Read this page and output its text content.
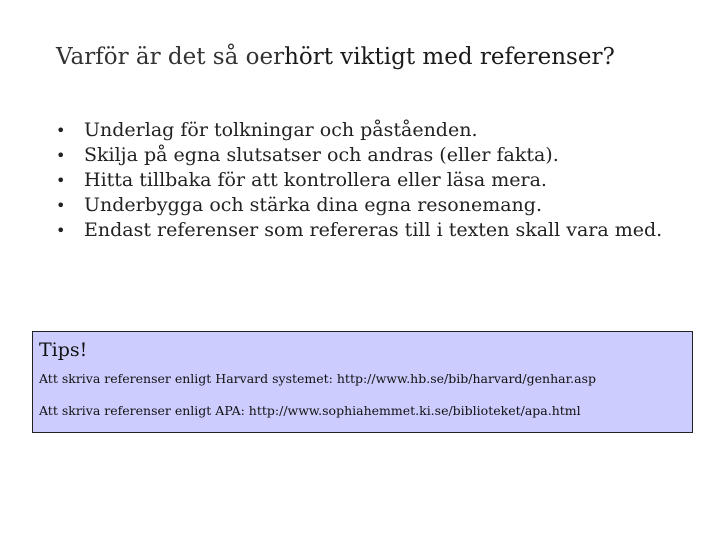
Varför är det så oerhört viktigt med referenser?
• Underlag för tolkningar och påståenden.
• Skilja på egna slutsatser och andras (eller fakta).
• Hitta tillbaka för att kontrollera eller läsa mera.
• Underbygga och stärka dina egna resonemang.
• Endast referenser som refereras till i texten skall vara med.
Tips!
Att skriva referenser enligt Harvard systemet: http://www.hb.se/bib/harvard/genhar.asp
Att skriva referenser enligt APA: http://www.sophiahemmet.ki.se/biblioteket/apa.html
